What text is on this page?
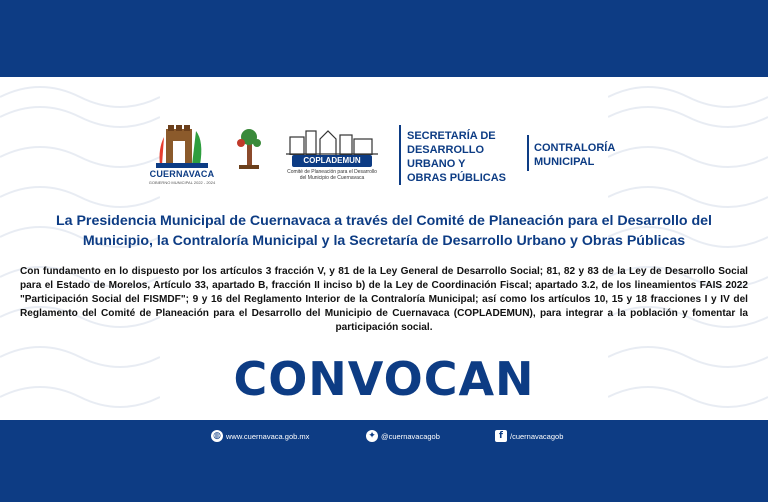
CUERNAVACA
GOBIERNO MUNICIPAL 2022 - 2024
COPLADEMUN
Comité de Planeación para el Desarrollo del Municipio de Cuernavaca
SECRETARÍA DE
DESARROLLO
URBANO Y
OBRAS PÚBLICAS
CONTRALORÍA
MUNICIPAL
La Presidencia Municipal de Cuernavaca a través del Comité de Planeación para el Desarrollo del Municipio, la Contraloría Municipal y la Secretaría de Desarrollo Urbano y Obras Públicas
Con fundamento en lo dispuesto por los artículos 3 fracción V, y 81 de la Ley General de Desarrollo Social; 81, 82 y 83 de la Ley de Desarrollo Social para el Estado de Morelos, Artículo 33, apartado B, fracción II inciso b) de la Ley de Coordinación Fiscal; apartado 3.2, de los lineamientos FAIS 2022 "Participación Social del FISMDF"; 9 y 16 del Reglamento Interior de la Contraloría Municipal; así como los artículos 10, 15 y 18 fracciones I y IV del Reglamento del Comité de Planeación para el Desarrollo del Municipio de Cuernavaca (COPLADEMUN), para integrar a la población y fomentar la participación social.
CONVOCAN
◍ www.cuernavaca.gob.mx	✦ @cuernavacagob	f /cuernavacagob
